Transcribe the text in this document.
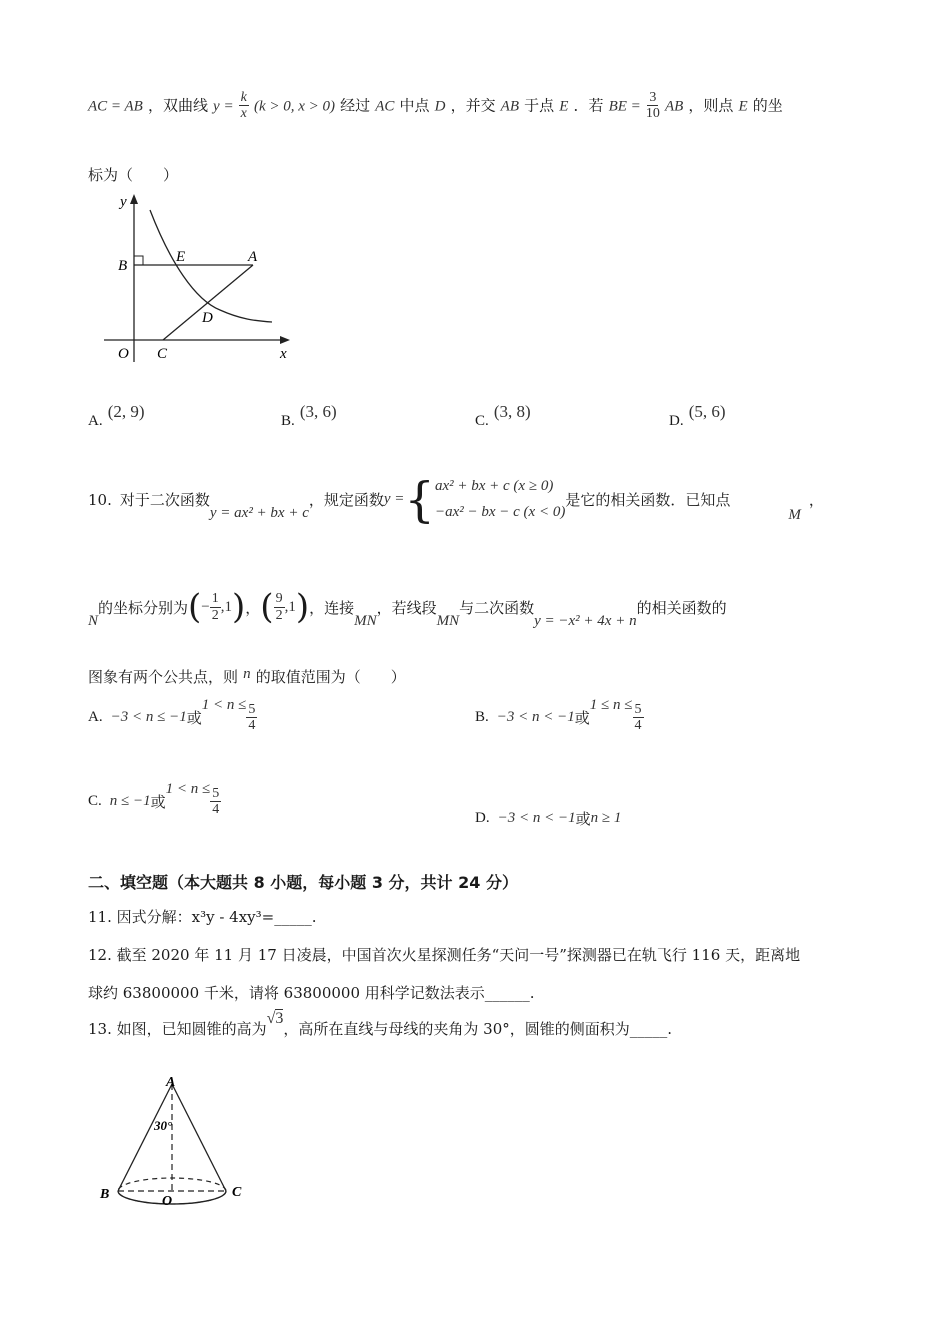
AC = AB ，双曲线 $y = \frac{k}{x} (k > 0$, x > 0) 经过 AC 中点 D ，并交 AB 于点 E ．若 BE = $\frac{3}{10}$ AB ，则点 E 的坐
标为（　　）
y
x
B
E	A
D
O C
A. (2, 9)	B. (3, 6)	C. (3, 8)	D. (5, 6)
10. 对于二次函数
y = ax² + bx + c
，规定函数 y = { ax² + bx + c (x ≥ 0)
−ax² − bx − c (x < 0)
是它的相关函数．已知点
M
，
N
的坐标分别为 ( − $\frac{1}{2} ,1$ ) ， ( $\frac{9}{2} ,1$ ) ，连接
MN
，若线段
MN
与二次函数
y = −x² + 4x + n
的相关函数的
图象有两个公共点，则 n 的取值范围为（　　）
A. −3 < n ≤ −1 或
$1 < n \le \frac{5}{4}$	B. −3 < n < −1 或
$1 \le n \le \frac{5}{4}$
C. n ≤ −1 或
$1 < n \le \frac{5}{4}$
D. −3 < n < −1 或 n ≥ 1
二、填空题（本大题共 8 小题，每小题 3 分，共计 24 分）
11. 因式分解：x³y - 4xy³=_____.
12. 截至 2020 年 11 月 17 日凌晨，中国首次火星探测任务“天问一号”探测器已在轨飞行 116 天，距离地
球约 63800000 千米，请将 63800000 用科学记数法表示______.
13. 如图，已知圆锥的高为
√3
，高所在直线与母线的夹角为 30°，圆锥的侧面积为_____.
A
B	C
O
30°
